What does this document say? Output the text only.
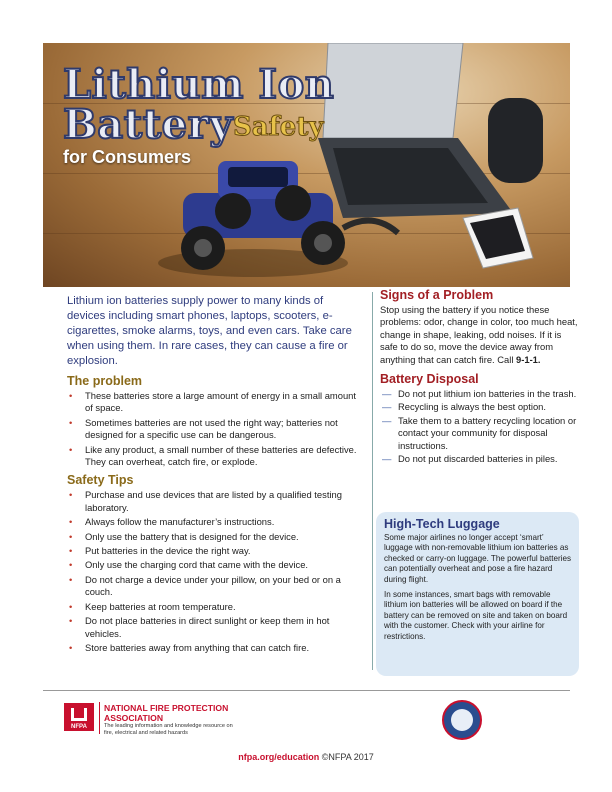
Lithium Ion
Battery Safety
for Consumers

Lithium ion batteries supply power to many kinds of devices including smart phones, laptops, scooters, e-cigarettes, smoke alarms, toys, and even cars. Take care when using them. In rare cases, they can cause a fire or explosion.

The problem
• These batteries store a large amount of energy in a small amount of space.
• Sometimes batteries are not used the right way; batteries not designed for a specific use can be dangerous.
• Like any product, a small number of these batteries are defective. They can overheat, catch fire, or explode.
Safety Tips
• Purchase and use devices that are listed by a qualified testing laboratory.
• Always follow the manufacturer’s instructions.
• Only use the battery that is designed for the device.
• Put batteries in the device the right way.
• Only use the charging cord that came with the device.
• Do not charge a device under your pillow, on your bed or on a couch.
• Keep batteries at room temperature.
• Do not place batteries in direct sunlight or keep them in hot vehicles.
• Store batteries away from anything that can catch fire.
Signs of a Problem

Stop using the battery if you notice these problems: odor, change in color, too much heat, change in shape, leaking, odd noises. If it is safe to do so, move the device away from anything that can catch fire. Call 9-1-1.

Battery Disposal
— Do not put lithium ion batteries in the trash.
— Recycling is always the best option.
— Take them to a battery recycling location or contact your community for disposal instructions.
— Do not put discarded batteries in piles.
High-Tech Luggage

Some major airlines no longer accept ‘smart’ luggage with non-removable lithium ion batteries as checked or carry-on luggage. The powerful batteries can potentially overheat and pose a fire hazard during flight.

In some instances, smart bags with removable lithium ion batteries will be allowed on board if the battery can be removed on site and taken on board with the customer. Check with your airline for restrictions.

NFPA
NATIONAL FIRE PROTECTION ASSOCIATION
The leading information and knowledge resource on fire, electrical and related hazards
nfpa.org/education ©NFPA 2017
